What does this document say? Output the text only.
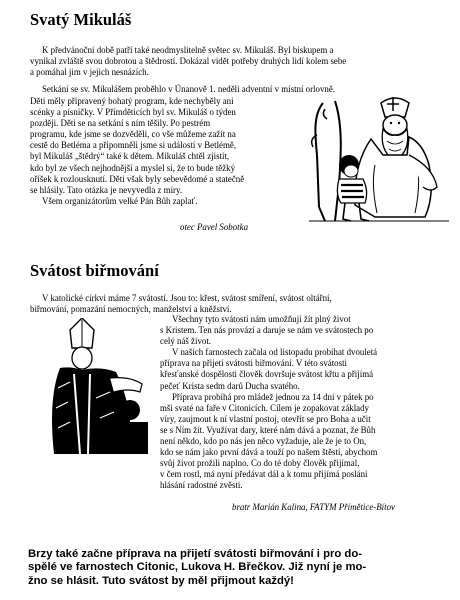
Svatý Mikuláš
K předvánoční době patří také neodmyslitelně světec sv. Mikuláš. Byl biskupem a
vynikal zvláště svou dobrotou a štědrostí. Dokázal vidět potřeby druhých lidí kolem sebe
a pomáhal jim v jejich nesnázích.
Setkání se sv. Mikulášem proběhlo v Únanově 1. neděli adventní v místní orlovně.
Děti měly připravený bohatý program, kde nechyběly ani
scénky a písničky. V Přímděticích byl sv. Mikuláš o týden
později. Děti se na setkání s ním těšily. Po pestrém
programu, kde jsme se dozvěděli, co vše můžeme zažít na
cestě do Betléma a připomněli jsme si události v Betlémě,
byl Mikuláš „štědrý“ také k dětem. Mikuláš chtěl zjistit,
kdo byl ze všech nejhodnější a myslel si, že to bude těžký
oříšek k rozlousknutí. Děti však byly sebevědomé a statečně
se hlásily. Tato otázka je nevyvedla z míry.
Všem organizátorům velké Pán Bůh zaplať.
otec Pavel Sobotka
Svátost biřmování
V katolické církvi máme 7 svátostí. Jsou to: křest, svátost smíření, svátost oltářní,
biřmování, pomazání nemocných, manželství a kněžství.
Všechny tyto svátosti nám umožňují žít plný život
s Kristem. Ten nás provází a daruje se nám ve svátostech po
celý náš život.
V našich farnostech začala od listopadu probíhat dvouletá
příprava na přijetí svátosti biřmování. V této svátosti
křesťanské dospělosti člověk dovršuje svátost křtu a přijímá
pečeť Krista sedm darů Ducha svatého.
Příprava probíhá pro mládež jednou za 14 dní v pátek po
mši svaté na faře v Citonicích. Cílem je zopakovat základy
víry, zaujmout k ní vlastní postoj, otevřít se pro Boha a učit
se s Ním žít. Využívat dary, které nám dává a poznat, že Bůh
není někdo, kdo po nás jen něco vyžaduje, ale že je to On,
kdo se nám jako první dává a touží po našem štěstí, abychom
svůj život prožili naplno. Co do té doby člověk přijímal,
v čem rostl, má nyní předávat dál a k tomu přijímá poslání
hlásání radostné zvěsti.
bratr Marián Kalina, FATYM Přímětice-Bítov
Brzy také začne příprava na přijetí svátosti biřmování i pro do-
spělé ve farnostech Citonic, Lukova H. Břečkov. Již nyní je mo-
žno se hlásit. Tuto svátost by měl přijmout každý!
